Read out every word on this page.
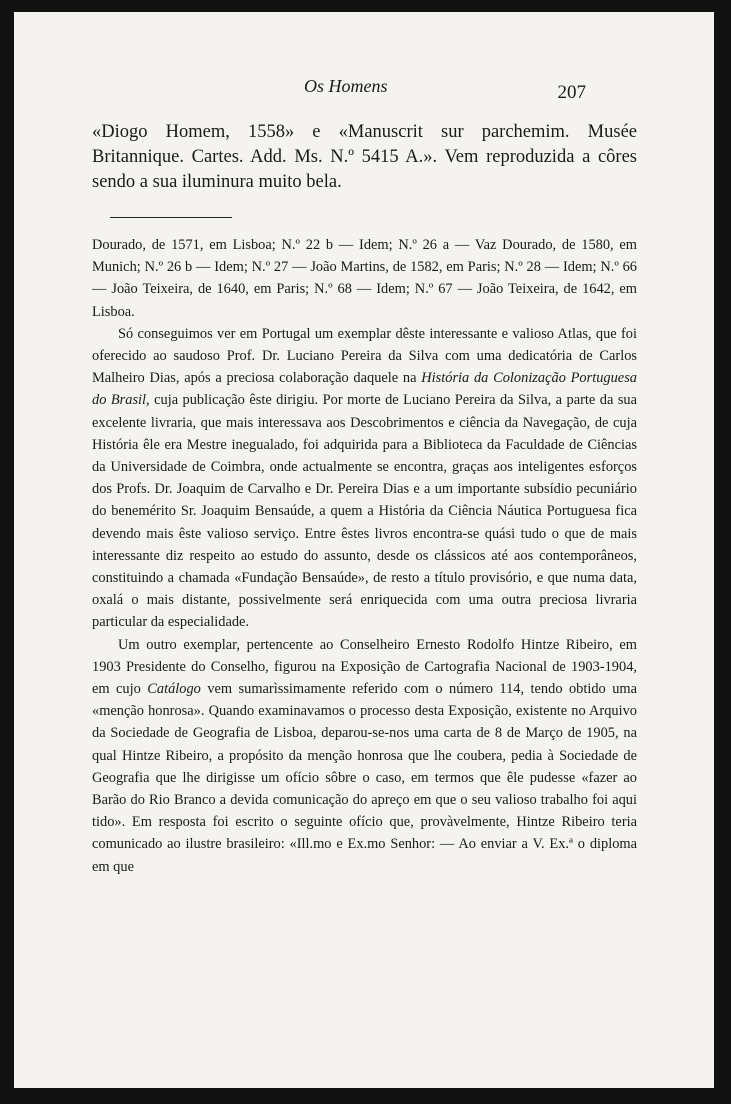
Os Homens	207
«Diogo Homem, 1558» e «Manuscrit sur parchemim. Musée Britannique. Cartes. Add. Ms. N.º 5415 A.». Vem reproduzida a côres sendo a sua iluminura muito bela.

Dourado, de 1571, em Lisboa; N.º 22 b — Idem; N.º 26 a — Vaz Dourado, de 1580, em Munich; N.º 26 b — Idem; N.º 27 — João Martins, de 1582, em Paris; N.º 28 — Idem; N.º 66 — João Teixeira, de 1640, em Paris; N.º 68 — Idem; N.º 67 — João Teixeira, de 1642, em Lisboa.

Só conseguimos ver em Portugal um exemplar dêste interessante e valioso Atlas, que foi oferecido ao saudoso Prof. Dr. Luciano Pereira da Silva com uma dedicatória de Carlos Malheiro Dias, após a preciosa colaboração daquele na História da Colonização Portuguesa do Brasil, cuja publicação êste dirigiu. Por morte de Luciano Pereira da Silva, a parte da sua excelente livraria, que mais interessava aos Descobrimentos e ciência da Navegação, de cuja História êle era Mestre inegualado, foi adquirida para a Biblioteca da Faculdade de Ciências da Universidade de Coimbra, onde actualmente se encontra, graças aos inteligentes esforços dos Profs. Dr. Joaquim de Carvalho e Dr. Pereira Dias e a um importante subsídio pecuniário do benemérito Sr. Joaquim Bensaúde, a quem a História da Ciência Náutica Portuguesa fica devendo mais êste valioso serviço. Entre êstes livros encontra-se quási tudo o que de mais interessante diz respeito ao estudo do assunto, desde os clássicos até aos contemporâneos, constituindo a chamada «Fundação Bensaúde», de resto a título provisório, e que numa data, oxalá o mais distante, possivelmente será enriquecida com uma outra preciosa livraria particular da especialidade.

Um outro exemplar, pertencente ao Conselheiro Ernesto Rodolfo Hintze Ribeiro, em 1903 Presidente do Conselho, figurou na Exposição de Cartografia Nacional de 1903-1904, em cujo Catálogo vem sumarìssimamente referido com o número 114, tendo obtido uma «menção honrosa». Quando examinavamos o processo desta Exposição, existente no Arquivo da Sociedade de Geografia de Lisboa, deparou-se-nos uma carta de 8 de Março de 1905, na qual Hintze Ribeiro, a propósito da menção honrosa que lhe coubera, pedia à Sociedade de Geografia que lhe dirigisse um ofício sôbre o caso, em termos que êle pudesse «fazer ao Barão do Rio Branco a devida comunicação do apreço em que o seu valioso trabalho foi aqui tido». Em resposta foi escrito o seguinte ofício que, provàvelmente, Hintze Ribeiro teria comunicado ao ilustre brasileiro: «Ill.mo e Ex.mo Senhor: — Ao enviar a V. Ex.ª o diploma em que
